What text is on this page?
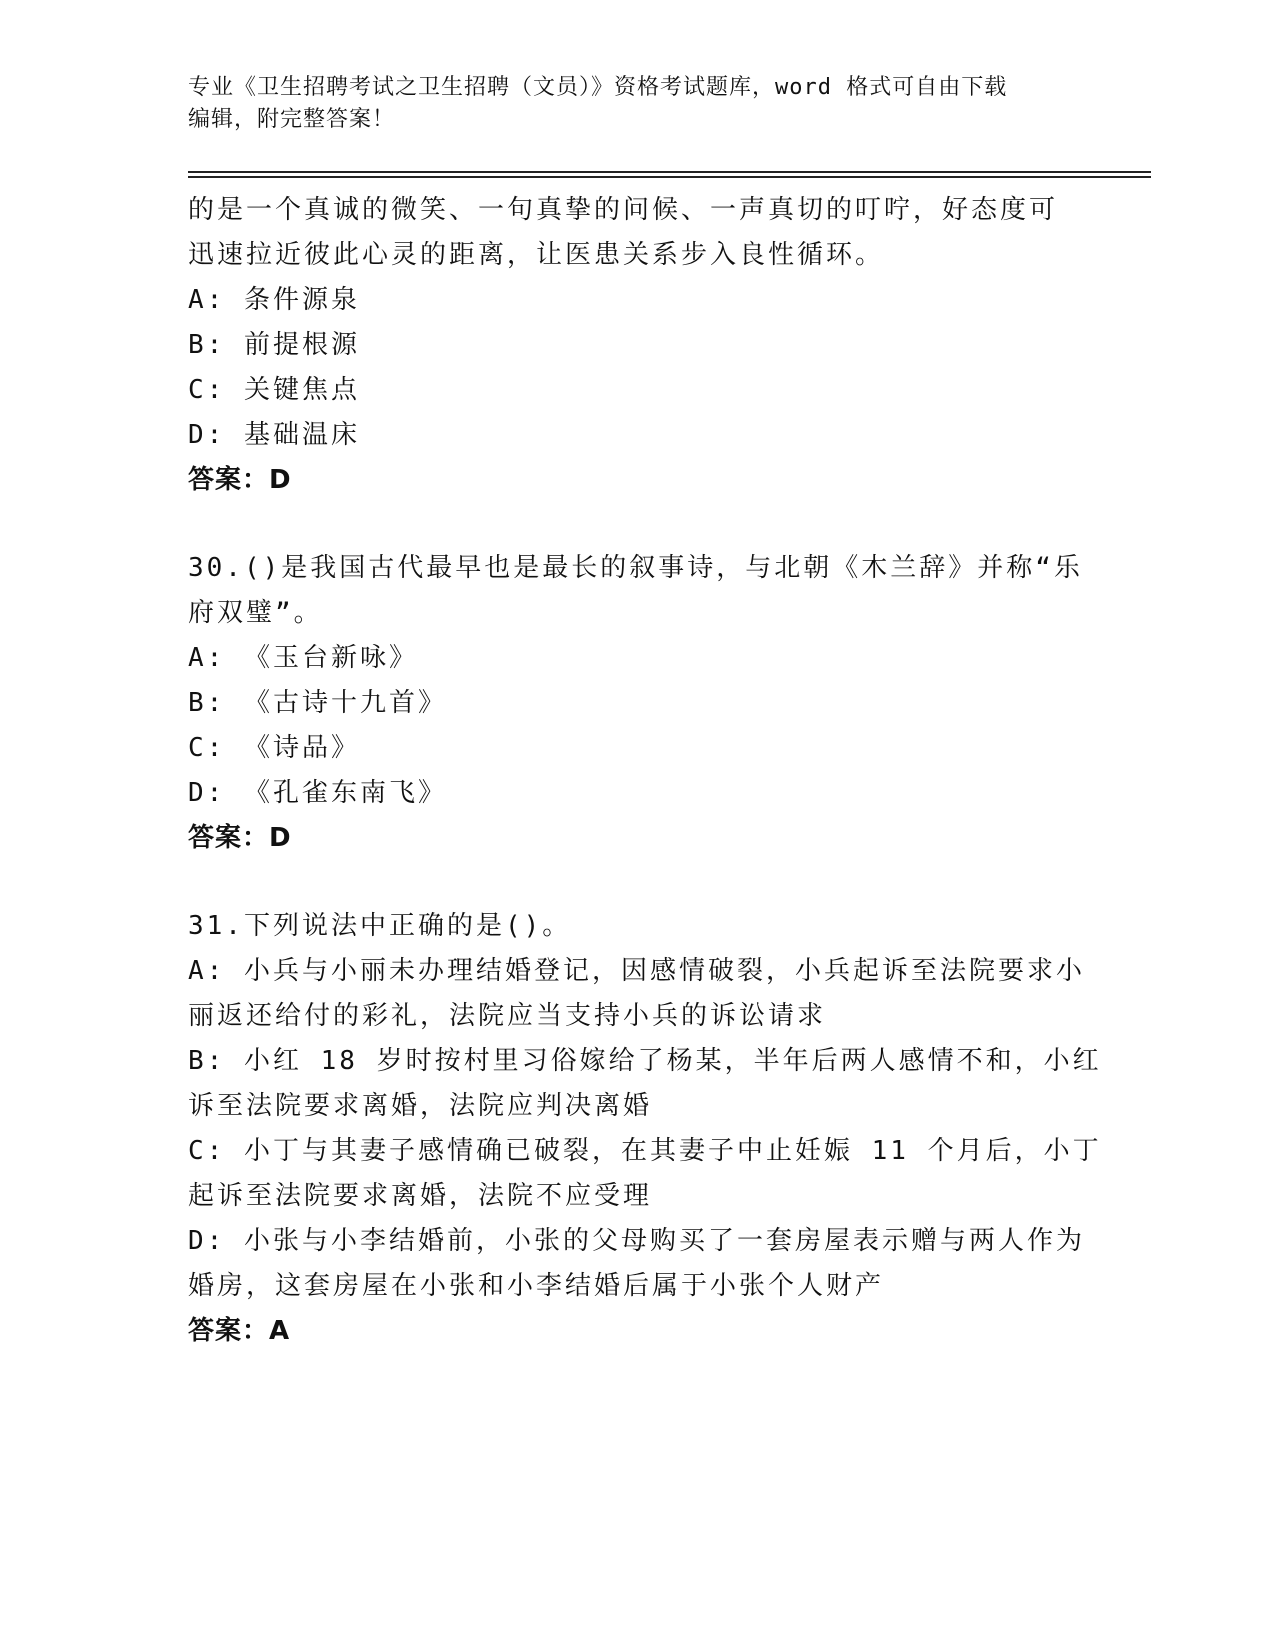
专业《卫生招聘考试之卫生招聘（文员）》资格考试题库，word 格式可自由下载
编辑，附完整答案！
的是一个真诚的微笑、一句真挚的问候、一声真切的叮咛，好态度可
迅速拉近彼此心灵的距离，让医患关系步入良性循环。
A: 条件源泉
B: 前提根源
C: 关键焦点
D: 基础温床
答案：D
30.()是我国古代最早也是最长的叙事诗，与北朝《木兰辞》并称“乐
府双璧”。
A: 《玉台新咏》
B: 《古诗十九首》
C: 《诗品》
D: 《孔雀东南飞》
答案：D
31.下列说法中正确的是()。
A: 小兵与小丽未办理结婚登记，因感情破裂，小兵起诉至法院要求小
丽返还给付的彩礼，法院应当支持小兵的诉讼请求
B: 小红 18 岁时按村里习俗嫁给了杨某，半年后两人感情不和，小红
诉至法院要求离婚，法院应判决离婚
C: 小丁与其妻子感情确已破裂，在其妻子中止妊娠 11 个月后，小丁
起诉至法院要求离婚，法院不应受理
D: 小张与小李结婚前，小张的父母购买了一套房屋表示赠与两人作为
婚房，这套房屋在小张和小李结婚后属于小张个人财产
答案：A
